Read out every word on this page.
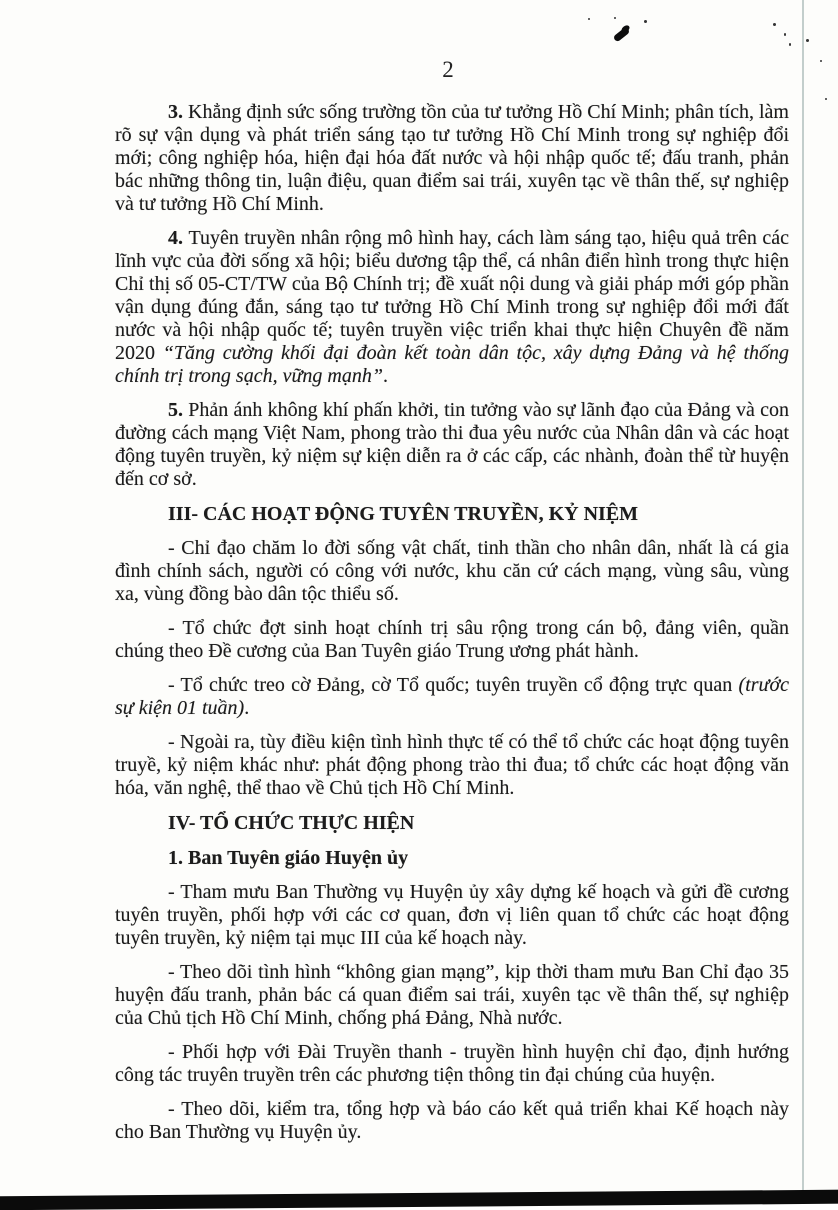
2

3. Khẳng định sức sống trường tồn của tư tưởng Hồ Chí Minh; phân tích, làm rõ sự vận dụng và phát triển sáng tạo tư tưởng Hồ Chí Minh trong sự nghiệp đổi mới; công nghiệp hóa, hiện đại hóa đất nước và hội nhập quốc tế; đấu tranh, phản bác những thông tin, luận điệu, quan điểm sai trái, xuyên tạc về thân thế, sự nghiệp và tư tưởng Hồ Chí Minh.

4. Tuyên truyền nhân rộng mô hình hay, cách làm sáng tạo, hiệu quả trên các lĩnh vực của đời sống xã hội; biểu dương tập thể, cá nhân điển hình trong thực hiện Chỉ thị số 05-CT/TW của Bộ Chính trị; đề xuất nội dung và giải pháp mới góp phần vận dụng đúng đắn, sáng tạo tư tưởng Hồ Chí Minh trong sự nghiệp đổi mới đất nước và hội nhập quốc tế; tuyên truyền việc triển khai thực hiện Chuyên đề năm 2020 “Tăng cường khối đại đoàn kết toàn dân tộc, xây dựng Đảng và hệ thống chính trị trong sạch, vững mạnh”.

5. Phản ánh không khí phấn khởi, tin tưởng vào sự lãnh đạo của Đảng và con đường cách mạng Việt Nam, phong trào thi đua yêu nước của Nhân dân và các hoạt động tuyên truyền, kỷ niệm sự kiện diễn ra ở các cấp, các nhành, đoàn thể từ huyện đến cơ sở.

III- CÁC HOẠT ĐỘNG TUYÊN TRUYỀN, KỶ NIỆM

- Chỉ đạo chăm lo đời sống vật chất, tinh thần cho nhân dân, nhất là cá gia đình chính sách, người có công với nước, khu căn cứ cách mạng, vùng sâu, vùng xa, vùng đồng bào dân tộc thiểu số.

- Tổ chức đợt sinh hoạt chính trị sâu rộng trong cán bộ, đảng viên, quần chúng theo Đề cương của Ban Tuyên giáo Trung ương phát hành.

- Tổ chức treo cờ Đảng, cờ Tổ quốc; tuyên truyền cổ động trực quan (trước sự kiện 01 tuần).

- Ngoài ra, tùy điều kiện tình hình thực tế có thể tổ chức các hoạt động tuyên truyề, kỷ niệm khác như: phát động phong trào thi đua; tổ chức các hoạt động văn hóa, văn nghệ, thể thao về Chủ tịch Hồ Chí Minh.

IV- TỔ CHỨC THỰC HIỆN

1. Ban Tuyên giáo Huyện ủy

- Tham mưu Ban Thường vụ Huyện ủy xây dựng kế hoạch và gửi đề cương tuyên truyền, phối hợp với các cơ quan, đơn vị liên quan tổ chức các hoạt động tuyên truyền, kỷ niệm tại mục III của kế hoạch này.

- Theo dõi tình hình “không gian mạng”, kịp thời tham mưu Ban Chỉ đạo 35 huyện đấu tranh, phản bác cá quan điểm sai trái, xuyên tạc về thân thế, sự nghiệp của Chủ tịch Hồ Chí Minh, chống phá Đảng, Nhà nước.

- Phối hợp với Đài Truyền thanh - truyền hình huyện chỉ đạo, định hướng công tác truyên truyền trên các phương tiện thông tin đại chúng của huyện.

- Theo dõi, kiểm tra, tổng hợp và báo cáo kết quả triển khai Kế hoạch này cho Ban Thường vụ Huyện ủy.
